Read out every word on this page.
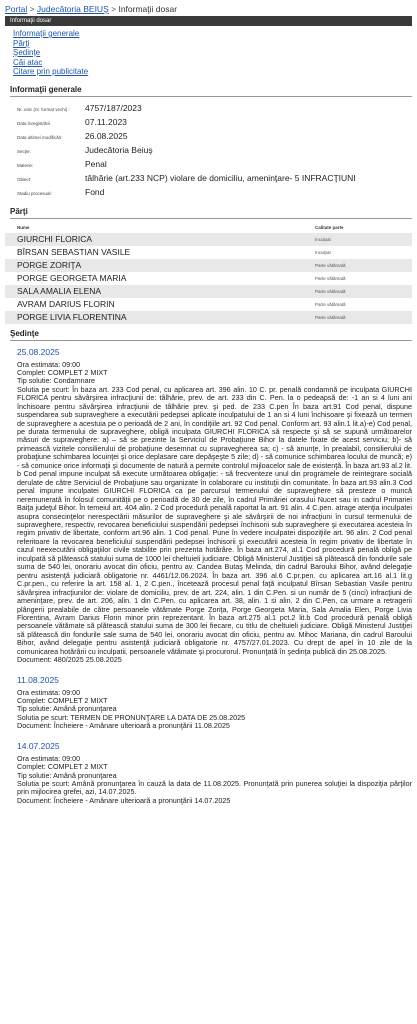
Portal > Judecătoria BEIUŞ > Informaţii dosar
Informaţii dosar
Informaţii generale
Părţi
Şedinţe
Căi atac
Citare prin publicitate
Informaţii generale
Nr. unic (nr. format vechi) :	4757/187/2023
Data înregistrării	07.11.2023
Data ultimei modificări:	26.08.2025
Secţie:	Judecătoria Beiuş
Materie:	Penal
Obiect:	tâlhărie (art.233 NCP) violare de domiciliu, ameninţare- 5 INFRACŢIUNI
Stadiu procesual:	Fond
Părţi
Nume	Calitate parte
GIURCHI FLORICA	Inculpat
BÎRSAN SEBASTIAN VASILE	Inculpat
PORGE ZORIŢA	Parte vătămată
PORGE GEORGETA MARIA	Parte vătămată
SALA AMALIA ELENA	Parte vătămată
AVRAM DARIUS FLORIN	Parte vătămată
PORGE LIVIA FLORENTINA	Parte vătămată
Şedinţe
25.08.2025
Ora estimata: 09:00
Complet: COMPLET 2 MIXT
Tip solutie: Condamnare
Solutia pe scurt: În baza art. 233 Cod penal, cu aplicarea art. 396 alin. 10 C. pr. penală condamnă pe inculpata GIURCHI FLORICA pentru săvârşirea infracţiunii de: tâlhărie, prev. de art. 233 din C. Pen. la o pedeapsă de: -1 an si 4 luni ani închisoare pentru săvârşirea infracţiunii de tâlhărie prev. şi ped. de 233 C.pen În baza art.91 Cod penal, dispune suspendarea sub supraveghere a executării pedepsei aplicate inculpatului de 1 an si 4 luni închisoare şi fixează un termen de supraveghere a acestuia pe o perioadă de 2 ani, în condiţiile art. 92 Cod penal. Conform art. 93 alin.1 lit.a)-e) Cod penal, pe durata termenului de supraveghere, obligă inculpata GIURCHI FLORICA să respecte şi să se supună următoarelor măsuri de supraveghere: a) – să se prezinte la Serviciul de Probaţiune Bihor la datele fixate de acest serviciu; b)- să primească vizitele consilierului de probaţiune desemnat cu supravegherea sa; c) - să anunţe, în prealabil, consilierului de probaţiune schimbarea locuinţei şi orice deplasare care depăşeşte 5 zile; d) - să comunice schimbarea locului de muncă; e) - să comunice orice informaţii şi documente de natură a permite controlul mijloacelor sale de existenţă. În baza art.93 al.2 lit. b Cod penal impune inculpat să execute următoarea obligaţie: - să frecventeze unul din programele de reintegrare socială derulate de către Serviciul de Probaţiune sau organizate în colaborare cu instituţii din comunitate. În baza art.93 alin.3 Cod penal impune inculpatei GIURCHI FLORICA ca pe parcursul termenului de supraveghere să presteze o muncă neremunerată în folosul comunităţii pe o perioadă de 30 de zile, în cadrul Primăriei orasului Nucet sau in cadrul Primariei Baiţa judeţul Bihor. În temeiul art. 404 alin. 2 Cod procedură penală raportat la art. 91 alin. 4 C.pen. atrage atenţia inculpatei asupra consecinţelor nerespectării măsurilor de supraveghere şi ale săvârşirii de noi infracţiuni în cursul termenului de supraveghere, respectiv, revocarea beneficiului suspendării pedepsei închisorii sub supraveghere şi executarea acesteia în regim privativ de libertate, conform art.96 alin. 1 Cod penal. Pune în vedere inculpatei dispoziţiile art. 96 alin. 2 Cod penal referitoare la revocarea beneficiului suspendării pedepsei închisorii şi executării acesteia în regim privativ de libertate în cazul neexecutării obligaţiilor civile stabilite prin prezenta hotărâre. În baza art.274, al.1 Cod procedură penală obligă pe inculpată să plătească statului suma de 1000 lei cheltuieli judiciare. Obligă Ministerul Justiţiei să plătească din fondurile sale suma de 540 lei, onorariu avocat din oficiu, pentru av. Candea Butaş Melinda, din cadrul Baroului Bihor, având delegaţie pentru asistenţă judiciară obligatorie nr. 4461/12.06.2024. În baza art. 396 al.6 C.pr.pen. cu aplicarea art.16 al.1 lit.g C.pr.pen., cu referire la art. 158 al. 1, 2 C.pen., încetează procesul penal faţă inculpatul Bîrsan Sebastian Vasile pentru săvârşirea infracţiunilor de: violare de domiciliu, prev. de art. 224, alin. 1 din C.Pen. si un număr de 5 (cinci) infracţiuni de ameninţare, prev. de art. 206, alin. 1 din C.Pen. cu aplicarea art. 38, alin. 1 si alin. 2 din C.Pen, ca urmare a retragerii plângerii prealabile de către persoanele vătămate Porge Zoriţa, Porge Georgeta Maria, Sala Amalia Elen, Porge Livia Florentina, Avram Darius Florin minor prin reprezentant. În baza art.275 al.1 pct.2 lit.b Cod procedură penală obligă persoanele vătămate să plătească statului suma de 300 lei fiecare, cu titlu de cheltuieli judiciare. Obligă Ministerul Justiţiei să plătească din fondurile sale suma de 540 lei, onorariu avocat din oficiu, pentru av. Mihoc Mariana, din cadrul Baroului Bihor, având delegaţie pentru asistenţă judiciară obligatorie nr. 4757/27.01.2023. Cu drept de apel în 10 zile de la comunicarea hotărârii cu inculpatii, persoanele vătămate şi procurorul. Pronunţată în şedinţa publică din 25.08.2025.
Document: 480/2025 25.08.2025
11.08.2025
Ora estimata: 09:00
Complet: COMPLET 2 MIXT
Tip solutie: Amână pronunţarea
Solutia pe scurt: TERMEN DE PRONUNŢARE LA DATA DE 25.08.2025
Document: Încheiere - Amânare ulterioară a pronunţării 11.08.2025
14.07.2025
Ora estimata: 09:00
Complet: COMPLET 2 MIXT
Tip solutie: Amână pronunţarea
Solutia pe scurt: Amână pronunţarea în cauză la data de 11.08.2025. Pronunţată prin punerea soluţiei la dispoziţia părţilor prin mijlocirea grefei, azi, 14.07.2025.
Document: Încheiere - Amânare ulterioară a pronunţării 14.07.2025
